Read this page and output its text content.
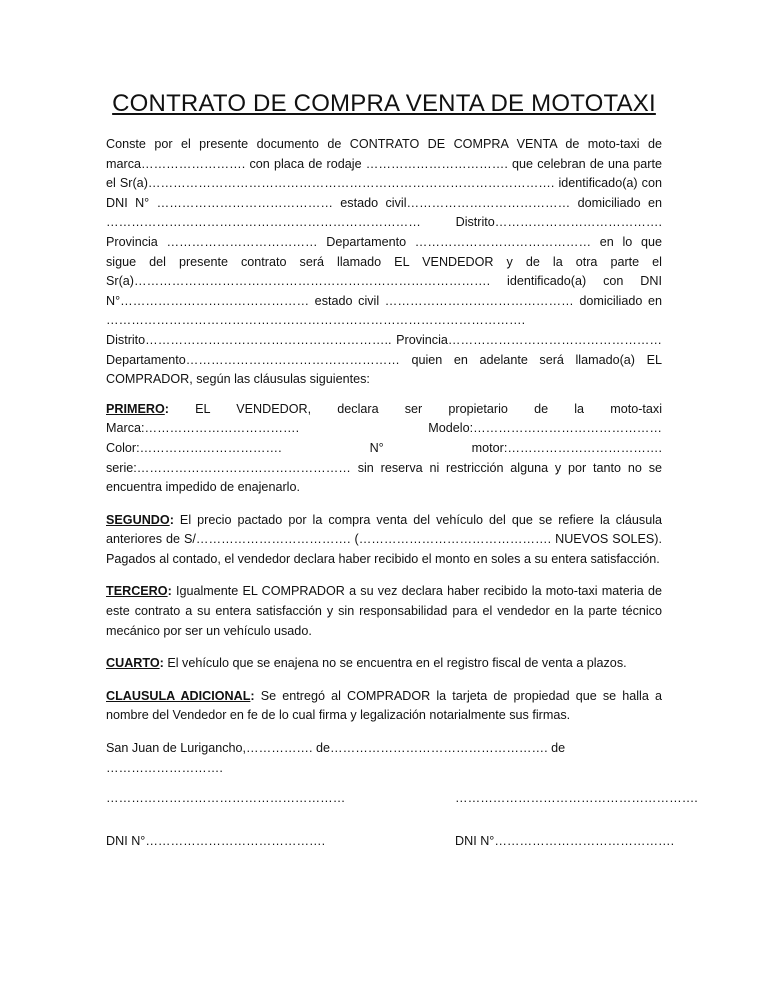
CONTRATO DE COMPRA VENTA DE MOTOTAXI

Conste por el presente documento de CONTRATO DE COMPRA VENTA de moto-taxi de marca……………………. con placa de rodaje ……………………………. que celebran de una parte el Sr(a)……………………………………………………………………………………. identificado(a) con DNI N° …………………………………… estado civil………………………………… domiciliado en ………………………………………………………………… Distrito…………………………………. Provincia ……………………………… Departamento …………………………………… en lo que sigue del presente contrato será llamado EL VENDEDOR y de la otra parte el Sr(a)…………………………………………………………………………. identificado(a) con DNI N°……………………………………… estado civil ……………………………………… domiciliado en ………………………………………………………………………………………. Distrito………………………………………………….. Provincia…………………………………………… Departamento…………………………………………… quien en adelante será llamado(a) EL COMPRADOR, según las cláusulas siguientes:

PRIMERO: EL VENDEDOR, declara ser propietario de la moto-taxi Marca:………………………………. Modelo:……………………………………… Color:……………………………. N° motor:………………………………. serie:…………………………………………… sin reserva ni restricción alguna y por tanto no se encuentra impedido de enajenarlo.

SEGUNDO: El precio pactado por la compra venta del vehículo del que se refiere la cláusula anteriores de S/………………………………. (………………………………………. NUEVOS SOLES). Pagados al contado, el vendedor declara haber recibido el monto en soles a su entera satisfacción.

TERCERO: Igualmente EL COMPRADOR a su vez declara haber recibido la moto-taxi materia de este contrato a su entera satisfacción y sin responsabilidad para el vendedor en la parte técnico mecánico por ser un vehículo usado.

CUARTO: El vehículo que se enajena no se encuentra en el registro fiscal de venta a plazos.

CLAUSULA ADICIONAL: Se entregó al COMPRADOR la tarjeta de propiedad que se halla a nombre del Vendedor en fe de lo cual firma y legalización notarialmente sus firmas.

San Juan de Lurigancho,……………. de……………………………………………. de ……………………….

…………………………………………………
DNI N°…………………………………….
………………………………………………….
DNI N°…………………………………….
